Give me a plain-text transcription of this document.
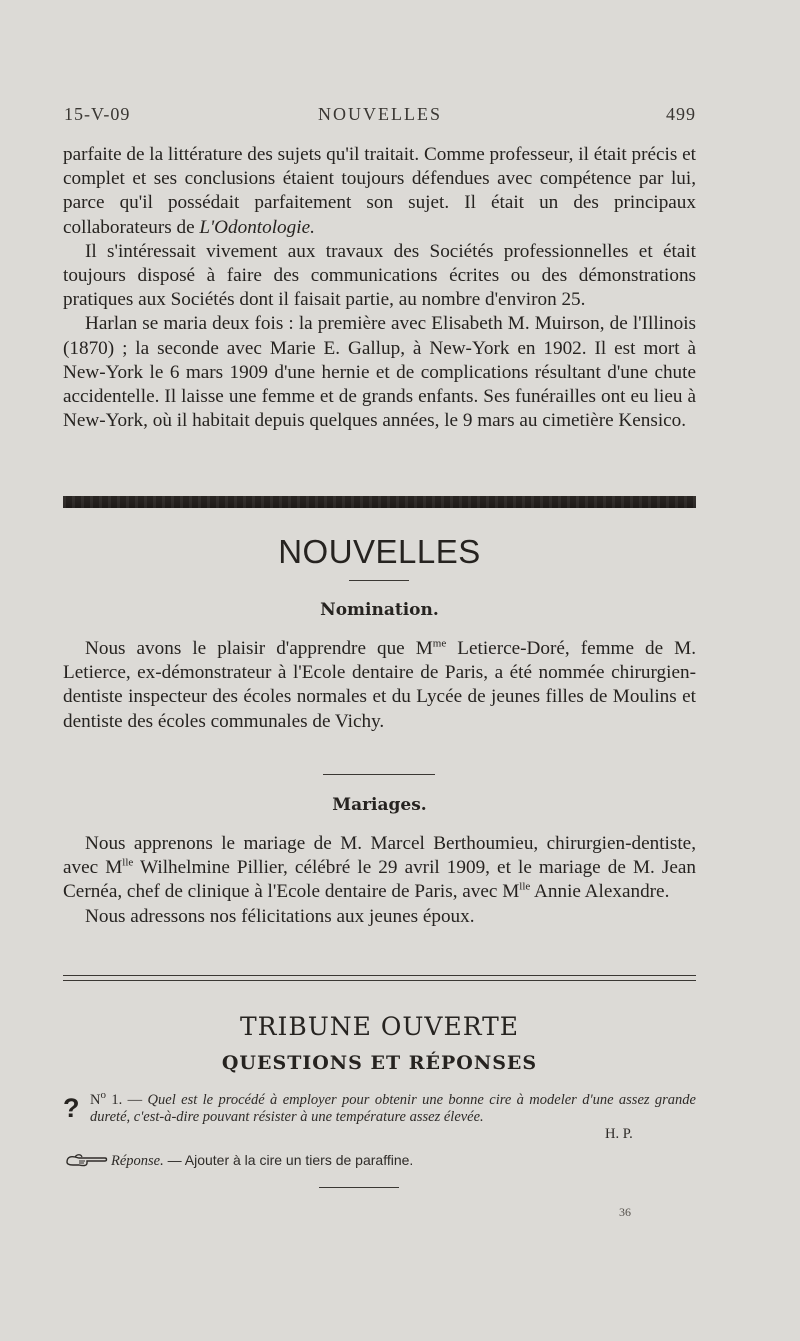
15-V-09	NOUVELLES	499

parfaite de la littérature des sujets qu'il traitait. Comme professeur, il était précis et complet et ses conclusions étaient toujours défendues avec compétence par lui, parce qu'il possédait parfaitement son sujet. Il était un des principaux collaborateurs de L'Odontologie.

Il s'intéressait vivement aux travaux des Sociétés professionnelles et était toujours disposé à faire des communications écrites ou des démonstrations pratiques aux Sociétés dont il faisait partie, au nombre d'environ 25.

Harlan se maria deux fois : la première avec Elisabeth M. Muirson, de l'Illinois (1870) ; la seconde avec Marie E. Gallup, à New-York en 1902. Il est mort à New-York le 6 mars 1909 d'une hernie et de complications résultant d'une chute accidentelle. Il laisse une femme et de grands enfants. Ses funérailles ont eu lieu à New-York, où il habitait depuis quelques années, le 9 mars au cimetière Kensico.

NOUVELLES
Nomination.

Nous avons le plaisir d'apprendre que $M^{me}$ Letierce-Doré, femme de M. Letierce, ex-démonstrateur à l'Ecole dentaire de Paris, a été nommée chirurgien-dentiste inspecteur des écoles normales et du Lycée de jeunes filles de Moulins et dentiste des écoles communales de Vichy.

Mariages.

Nous apprenons le mariage de M. Marcel Berthoumieu, chirurgien-dentiste, avec $M^{lle}$ Wilhelmine Pillier, célébré le 29 avril 1909, et le mariage de M. Jean Cernéa, chef de clinique à l'Ecole dentaire de Paris, avec $M^{lle}$ Annie Alexandre.

Nous adressons nos félicitations aux jeunes époux.

TRIBUNE OUVERTE
QUESTIONS ET RÉPONSES
? $N^o$ 1. — Quel est le procédé à employer pour obtenir une bonne cire à modeler d'une assez grande dureté, c'est-à-dire pouvant résister à une température assez élevée.
H. P.
Réponse. — Ajouter à la cire un tiers de paraffine.
36
